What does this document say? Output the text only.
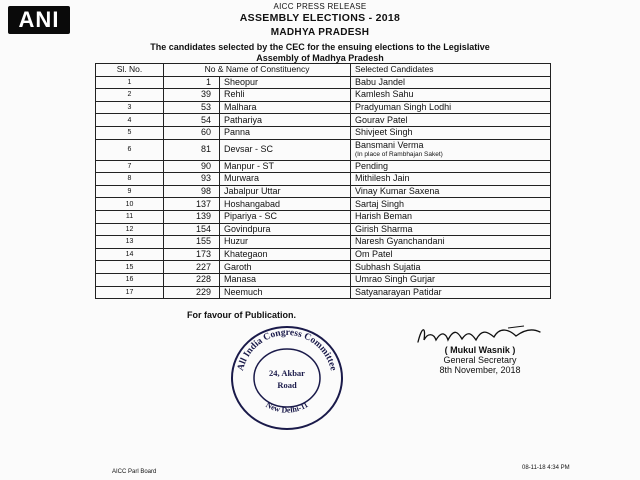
ANI
AICC PRESS RELEASE
ASSEMBLY ELECTIONS - 2018
MADHYA PRADESH
The candidates selected by the CEC for the ensuing elections to the Legislative
Assembly of Madhya Pradesh
Sl. No.	No & Name of Constituency		Selected Candidates
1	1	Sheopur	Babu Jandel
2	39	Rehli	Kamlesh Sahu
3	53	Malhara	Pradyuman Singh Lodhi
4	54	Pathariya	Gourav Patel
5	60	Panna	Shivjeet Singh
6	81	Devsar - SC	Bansmani Verma
(In place of Rambhajan Saket)

7	90	Manpur - ST	Pending
8	93	Murwara	Mithilesh Jain
9	98	Jabalpur Uttar	Vinay Kumar Saxena
10	137	Hoshangabad	Sartaj Singh
11	139	Pipariya - SC	Harish Beman
12	154	Govindpura	Girish Sharma
13	155	Huzur	Naresh Gyanchandani
14	173	Khategaon	Om Patel
15	227	Garoth	Subhash Sujatia
16	228	Manasa	Umrao Singh Gurjar
17	229	Neemuch	Satyanarayan Patidar
For favour of Publication.
( Mukul Wasnik )
General Secretary
8th November, 2018
All India Congress Committee
New Delhi-11
24, Akbar
Road
AICC Parl Board
08-11-18 4:34 PM
